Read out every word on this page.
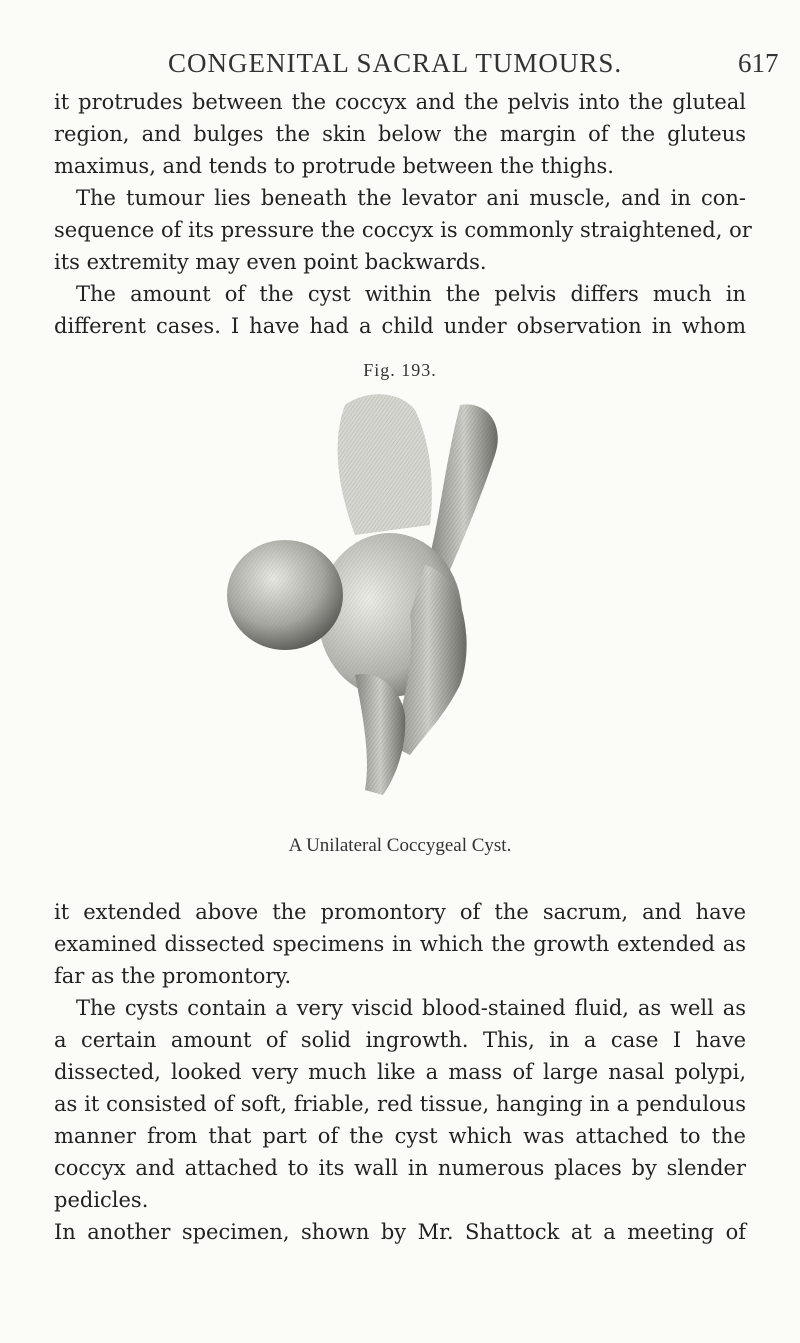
CONGENITAL SACRAL TUMOURS.	617
it protrudes between the coccyx and the pelvis into the gluteal
region, and bulges the skin below the margin of the gluteus
maximus, and tends to protrude between the thighs.
The tumour lies beneath the levator ani muscle, and in con-
sequence of its pressure the coccyx is commonly straightened, or
its extremity may even point backwards.
The amount of the cyst within the pelvis differs much in
different cases. I have had a child under observation in whom
Fig. 193.
A Unilateral Coccygeal Cyst.
it extended above the promontory of the sacrum, and have
examined dissected specimens in which the growth extended as
far as the promontory.
The cysts contain a very viscid blood-stained fluid, as well as
a certain amount of solid ingrowth. This, in a case I have
dissected, looked very much like a mass of large nasal polypi,
as it consisted of soft, friable, red tissue, hanging in a pendulous
manner from that part of the cyst which was attached to the
coccyx and attached to its wall in numerous places by slender
pedicles.
In another specimen, shown by Mr. Shattock at a meeting of
